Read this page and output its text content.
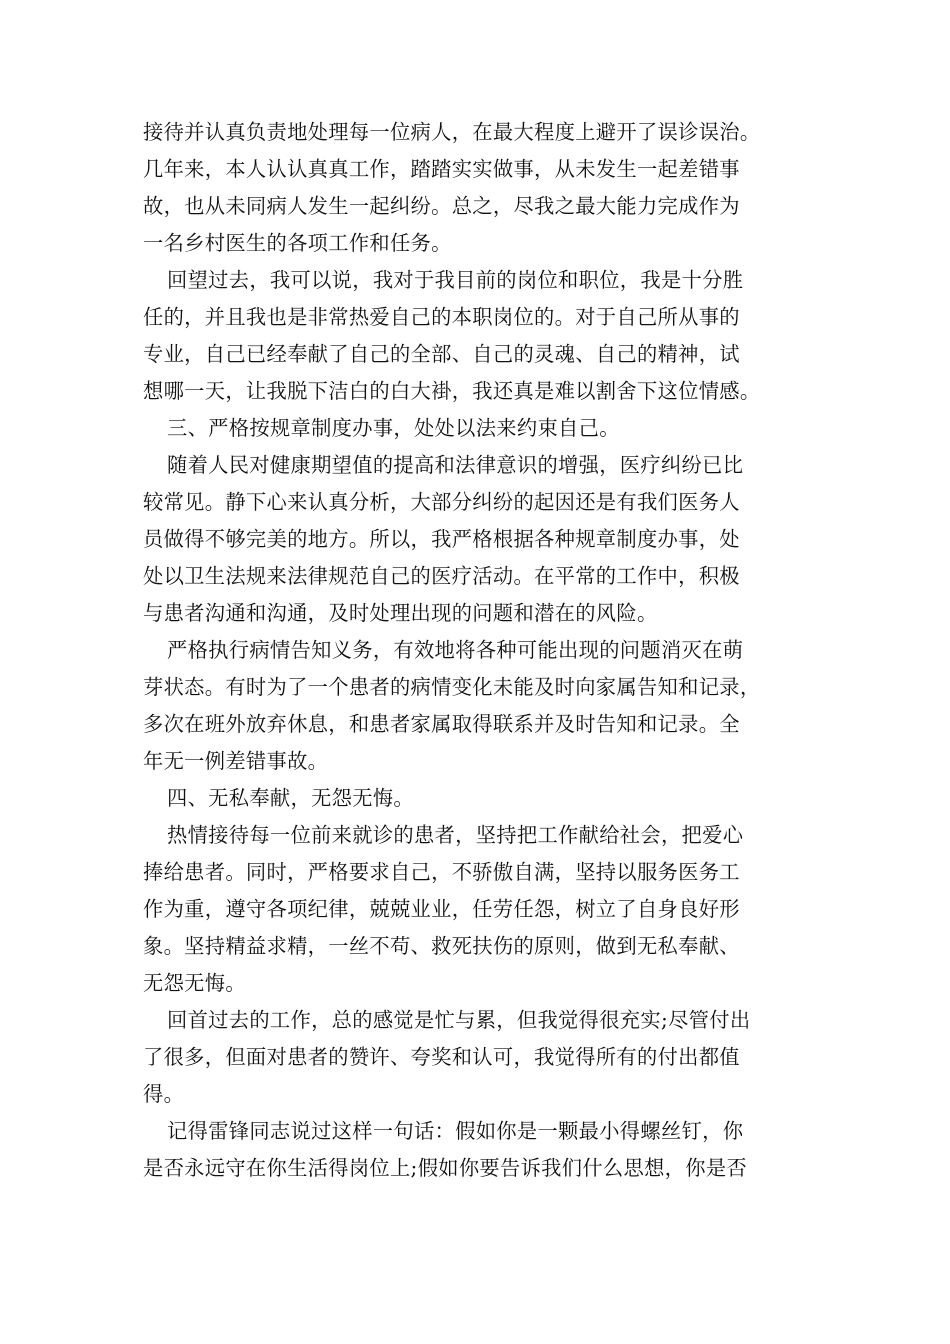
接待并认真负责地处理每一位病人，在最大程度上避开了误诊误治。
几年来，本人认认真真工作，踏踏实实做事，从未发生一起差错事
故，也从未同病人发生一起纠纷。总之，尽我之最大能力完成作为
一名乡村医生的各项工作和任务。
回望过去，我可以说，我对于我目前的岗位和职位，我是十分胜
任的，并且我也是非常热爱自己的本职岗位的。对于自己所从事的
专业，自己已经奉献了自己的全部、自己的灵魂、自己的精神，试
想哪一天，让我脱下洁白的白大褂，我还真是难以割舍下这位情感。
三、严格按规章制度办事，处处以法来约束自己。
随着人民对健康期望值的提高和法律意识的增强，医疗纠纷已比
较常见。静下心来认真分析，大部分纠纷的起因还是有我们医务人
员做得不够完美的地方。所以，我严格根据各种规章制度办事，处
处以卫生法规来法律规范自己的医疗活动。在平常的工作中，积极
与患者沟通和沟通，及时处理出现的问题和潜在的风险。
严格执行病情告知义务，有效地将各种可能出现的问题消灭在萌
芽状态。有时为了一个患者的病情变化未能及时向家属告知和记录，
多次在班外放弃休息，和患者家属取得联系并及时告知和记录。全
年无一例差错事故。
四、无私奉献，无怨无悔。
热情接待每一位前来就诊的患者，坚持把工作献给社会，把爱心
捧给患者。同时，严格要求自己，不骄傲自满，坚持以服务医务工
作为重，遵守各项纪律，兢兢业业，任劳任怨，树立了自身良好形
象。坚持精益求精，一丝不苟、救死扶伤的原则，做到无私奉献、
无怨无悔。
回首过去的工作，总的感觉是忙与累，但我觉得很充实;尽管付出
了很多，但面对患者的赞许、夸奖和认可，我觉得所有的付出都值
得。
记得雷锋同志说过这样一句话：假如你是一颗最小得螺丝钉，你
是否永远守在你生活得岗位上;假如你要告诉我们什么思想，你是否
